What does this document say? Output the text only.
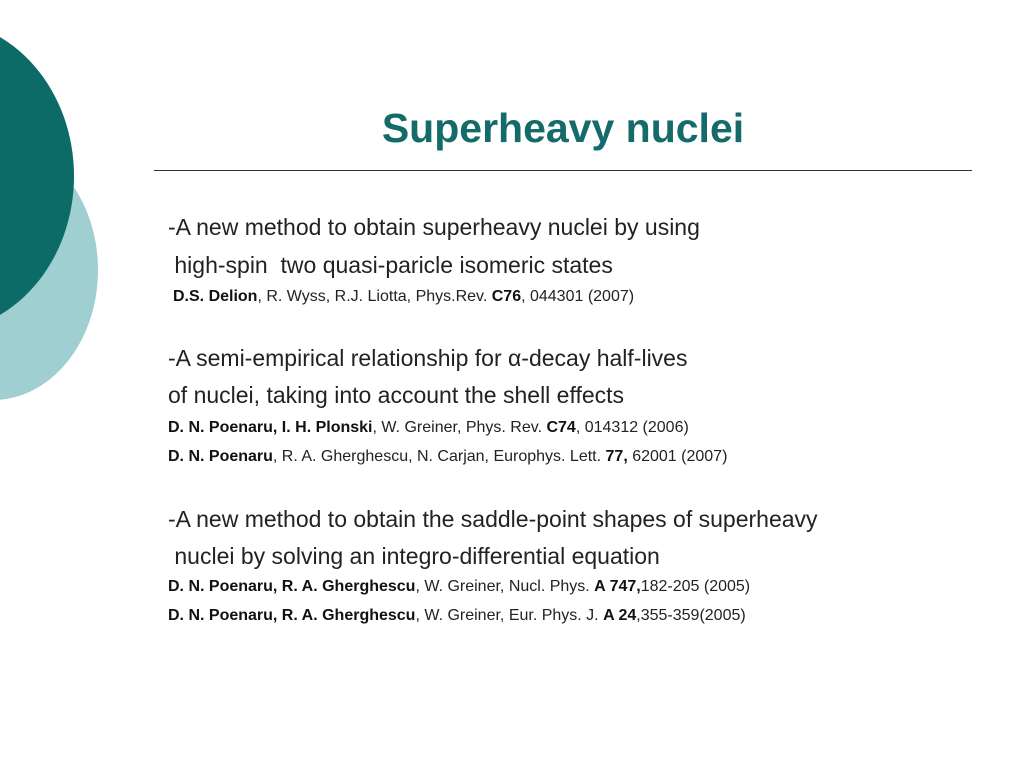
Superheavy nuclei
-A new method to obtain superheavy nuclei by using
high-spin  two quasi-paricle isomeric states
D.S. Delion, R. Wyss, R.J. Liotta, Phys.Rev. C76, 044301 (2007)
-A semi-empirical relationship for α-decay half-lives
of nuclei, taking into account the shell effects
D. N. Poenaru, I. H. Plonski, W. Greiner, Phys. Rev. C74, 014312 (2006)
D. N. Poenaru, R. A. Gherghescu, N. Carjan, Europhys. Lett. 77, 62001 (2007)
-A new method to obtain the saddle-point shapes of superheavy
nuclei by solving an integro-differential equation
D. N. Poenaru, R. A. Gherghescu, W. Greiner, Nucl. Phys. A 747,182-205 (2005)
D. N. Poenaru, R. A. Gherghescu, W. Greiner, Eur. Phys. J. A 24,355-359(2005)
